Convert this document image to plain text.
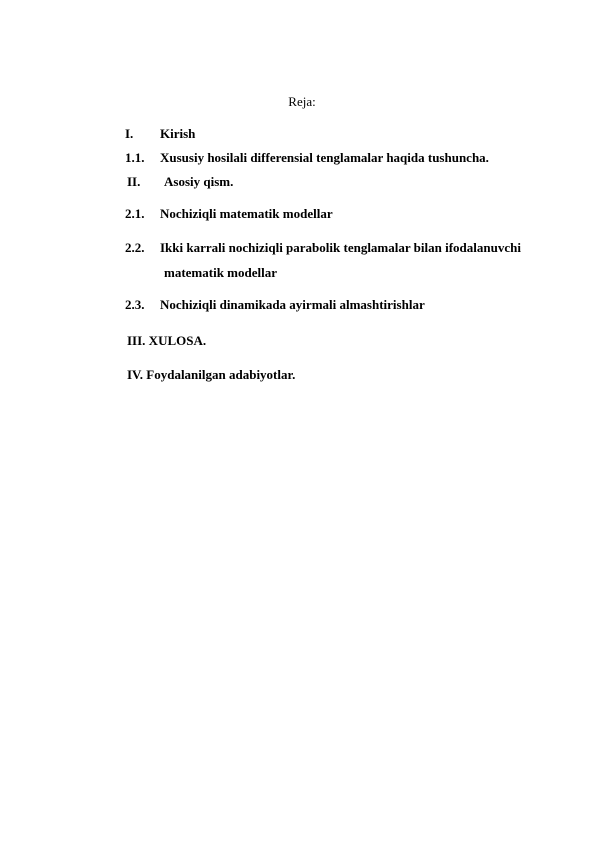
Reja:
I. Kirish
1.1. Xususiy hosilali differensial tenglamalar haqida tushuncha.
II. Asosiy qism.
2.1. Nochiziqli matematik modellar
2.2. Ikki karrali nochiziqli parabolik tenglamalar bilan ifodalanuvchi
matematik modellar
2.3. Nochiziqli dinamikada ayirmali almashtirishlar
III. XULOSA.
IV. Foydalanilgan adabiyotlar.
